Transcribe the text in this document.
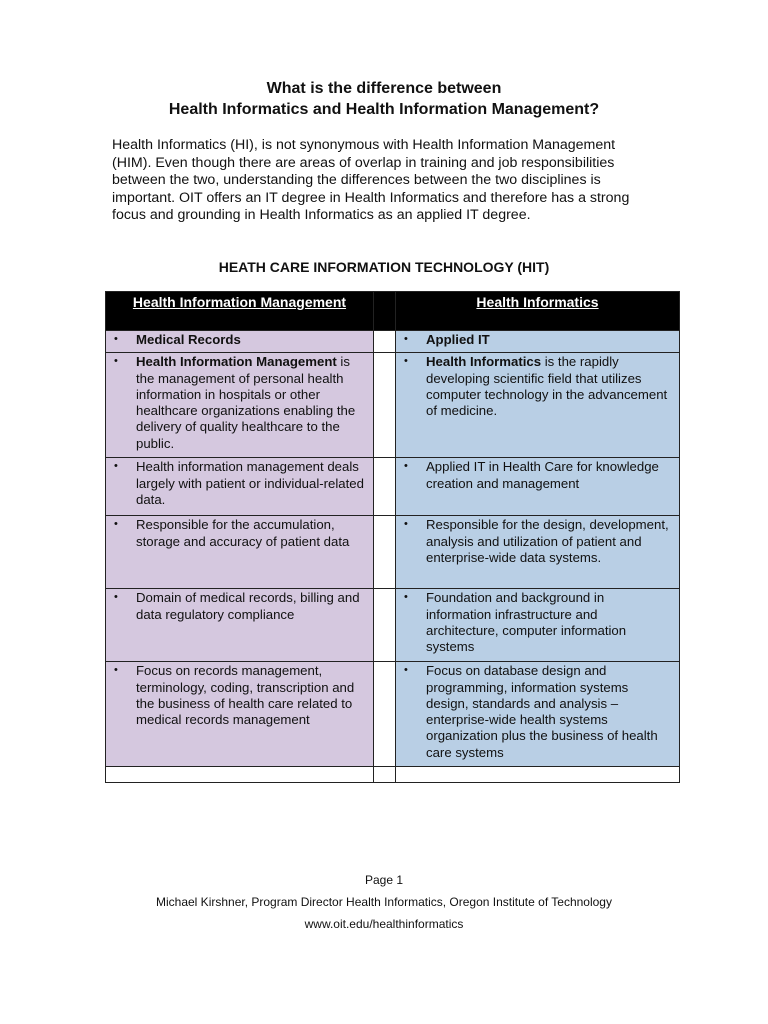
What is the difference between
Health Informatics and Health Information Management?
Health Informatics (HI), is not synonymous with Health Information Management (HIM). Even though there are areas of overlap in training and job responsibilities between the two, understanding the differences between the two disciplines is important. OIT offers an IT degree in Health Informatics and therefore has a strong focus and grounding in Health Informatics as an applied IT degree.
HEATH CARE INFORMATION TECHNOLOGY (HIT)
Health Information Management		Health Informatics

• Medical Records		• Applied IT

• Health Information Management is the management of personal health information in hospitals or other healthcare organizations enabling the delivery of quality healthcare to the public.		• Health Informatics is the rapidly developing scientific field that utilizes computer technology in the advancement of medicine.

• Health information management deals largely with patient or individual-related data.		• Applied IT in Health Care for knowledge creation and management

• Responsible for the accumulation, storage and accuracy of patient data		• Responsible for the design, development, analysis and utilization of patient and enterprise-wide data systems.

• Domain of medical records, billing and data regulatory compliance		• Foundation and background in information infrastructure and architecture, computer information systems

• Focus on records management, terminology, coding, transcription and the business of health care related to medical records management		• Focus on database design and programming, information systems design, standards and analysis – enterprise-wide health systems organization plus the business of health care systems

Page 1
Michael Kirshner, Program Director Health Informatics, Oregon Institute of Technology
www.oit.edu/healthinformatics
